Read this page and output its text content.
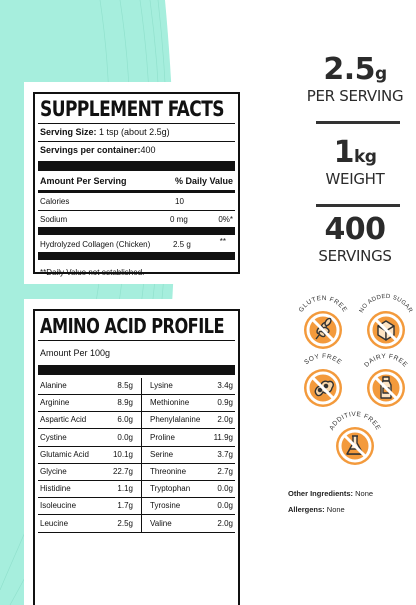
SUPPLEMENT FACTS
Serving Size: 1 tsp (about 2.5g)
Servings per container:400
Amount Per Serving	% Daily Value
Calories	10
Sodium	0 mg	0%*
Hydrolyzed Collagen (Chicken)	2.5 g	**
**Daily Value not established.
AMINO ACID PROFILE
Amount Per 100g
Alanine	8.5g Lysine	3.4g
Arginine	8.9g Methionine	0.9g
Aspartic Acid	6.0g Phenylalanine 2.0g
Cystine	0.0g Proline	11.9g
Glutamic Acid	10.1g Serine	3.7g
Glycine	22.7g Threonine	2.7g
Histidine	1.1g Tryptophan	0.0g
Isoleucine	1.7g Tyrosine	0.0g
Leucine	2.5g Valine	2.0g
2.5g
PER SERVING
1kg
WEIGHT
400
SERVINGS
GLUTEN FREE NO ADDED SUGAR
SOY FREE	DAIRY FREE
ADDITIVE FREE
Other Ingredients: None
Allergens: None
